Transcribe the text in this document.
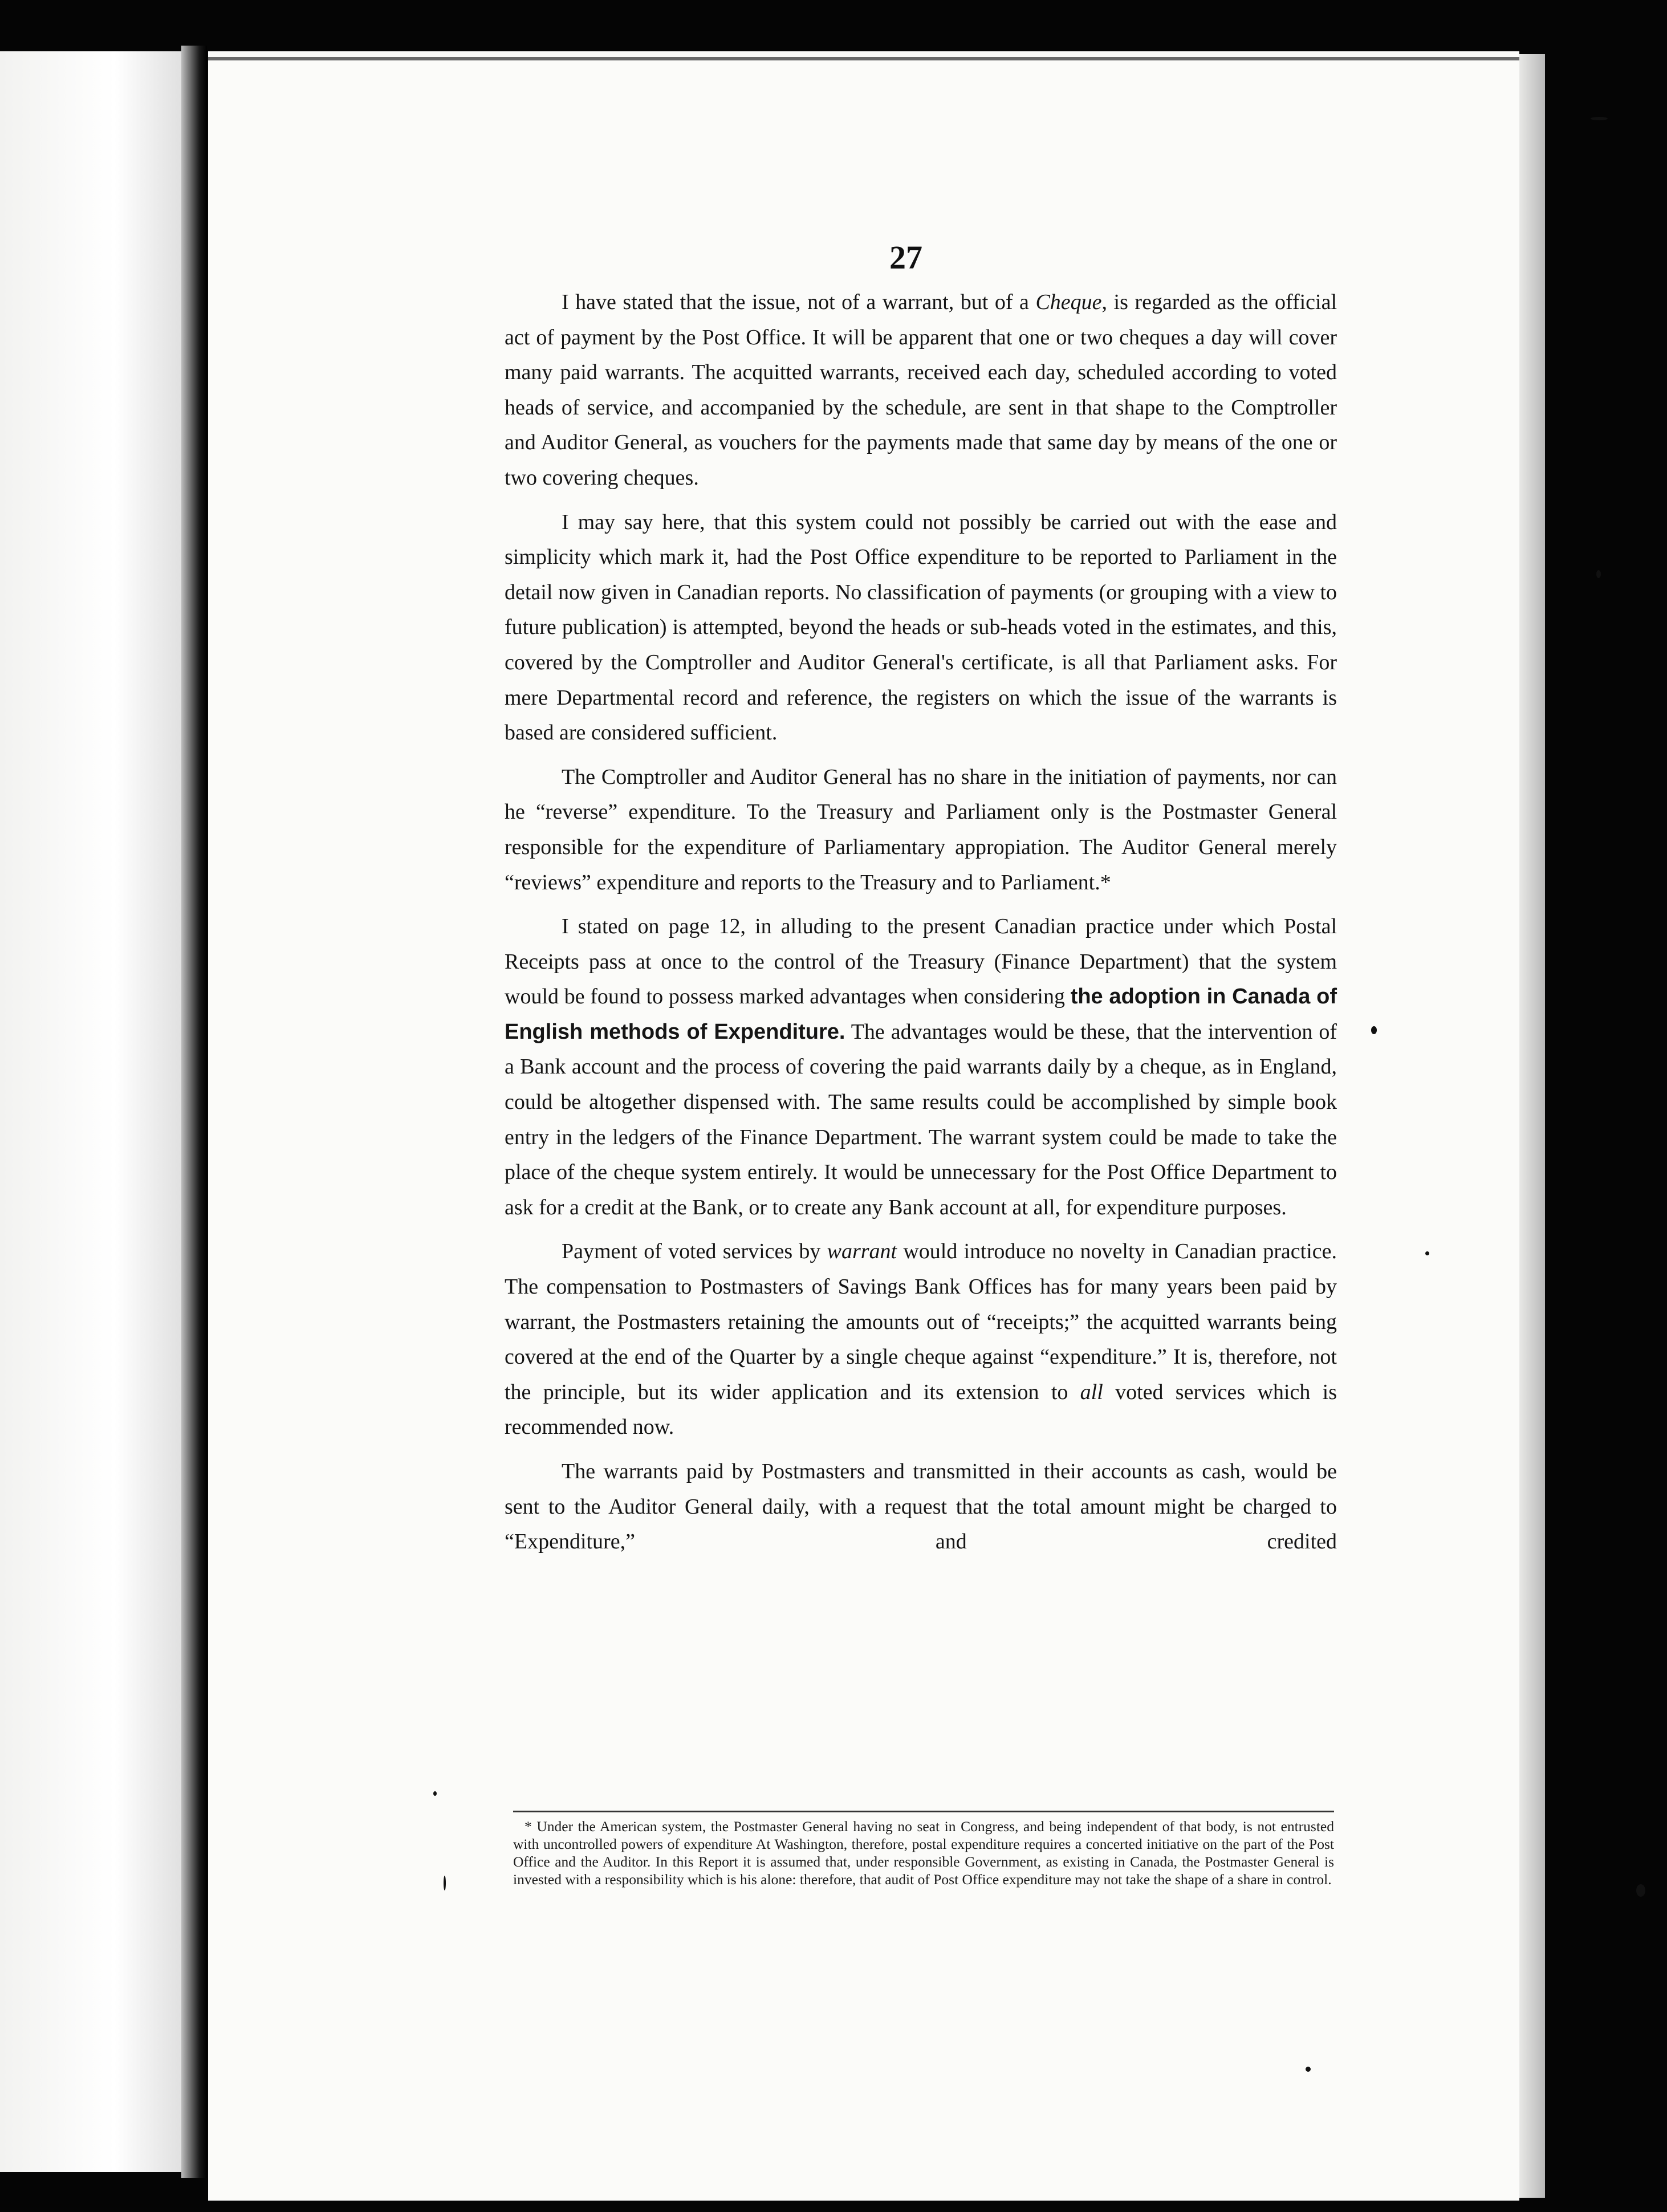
27

I have stated that the issue, not of a warrant, but of a Cheque, is regarded as the official act of payment by the Post Office. It will be apparent that one or two cheques a day will cover many paid warrants. The acquitted warrants, received each day, scheduled according to voted heads of service, and accompanied by the schedule, are sent in that shape to the Comptroller and Auditor General, as vouchers for the payments made that same day by means of the one or two covering cheques.

I may say here, that this system could not possibly be carried out with the ease and simplicity which mark it, had the Post Office expenditure to be reported to Parliament in the detail now given in Canadian reports. No classification of payments (or grouping with a view to future publication) is attempted, beyond the heads or sub-heads voted in the estimates, and this, covered by the Comptroller and Auditor General's certificate, is all that Parliament asks. For mere Departmental record and reference, the registers on which the issue of the warrants is based are considered sufficient.

The Comptroller and Auditor General has no share in the initiation of payments, nor can he “reverse” expenditure. To the Treasury and Parliament only is the Postmaster General responsible for the expenditure of Parliamentary appropiation. The Auditor General merely “reviews” expenditure and reports to the Treasury and to Parliament.*

I stated on page 12, in alluding to the present Canadian practice under which Postal Receipts pass at once to the control of the Treasury (Finance Department) that the system would be found to possess marked advantages when considering the adoption in Canada of English methods of Expenditure. The advantages would be these, that the intervention of a Bank account and the process of covering the paid warrants daily by a cheque, as in England, could be altogether dispensed with. The same results could be accomplished by simple book entry in the ledgers of the Finance Department. The warrant system could be made to take the place of the cheque system entirely. It would be unnecessary for the Post Office Department to ask for a credit at the Bank, or to create any Bank account at all, for expenditure purposes.

Payment of voted services by warrant would introduce no novelty in Canadian practice. The compensation to Postmasters of Savings Bank Offices has for many years been paid by warrant, the Postmasters retaining the amounts out of “receipts;” the acquitted warrants being covered at the end of the Quarter by a single cheque against “expenditure.” It is, therefore, not the principle, but its wider application and its extension to all voted services which is recommended now.

The warrants paid by Postmasters and transmitted in their accounts as cash, would be sent to the Auditor General daily, with a request that the total amount might be charged to “Expenditure,” and credited

* Under the American system, the Postmaster General having no seat in Congress, and being independent of that body, is not entrusted with uncontrolled powers of expenditure At Washington, therefore, postal expenditure requires a concerted initiative on the part of the Post Office and the Auditor. In this Report it is assumed that, under responsible Government, as existing in Canada, the Postmaster General is invested with a responsibility which is his alone: therefore, that audit of Post Office expenditure may not take the shape of a share in control.
